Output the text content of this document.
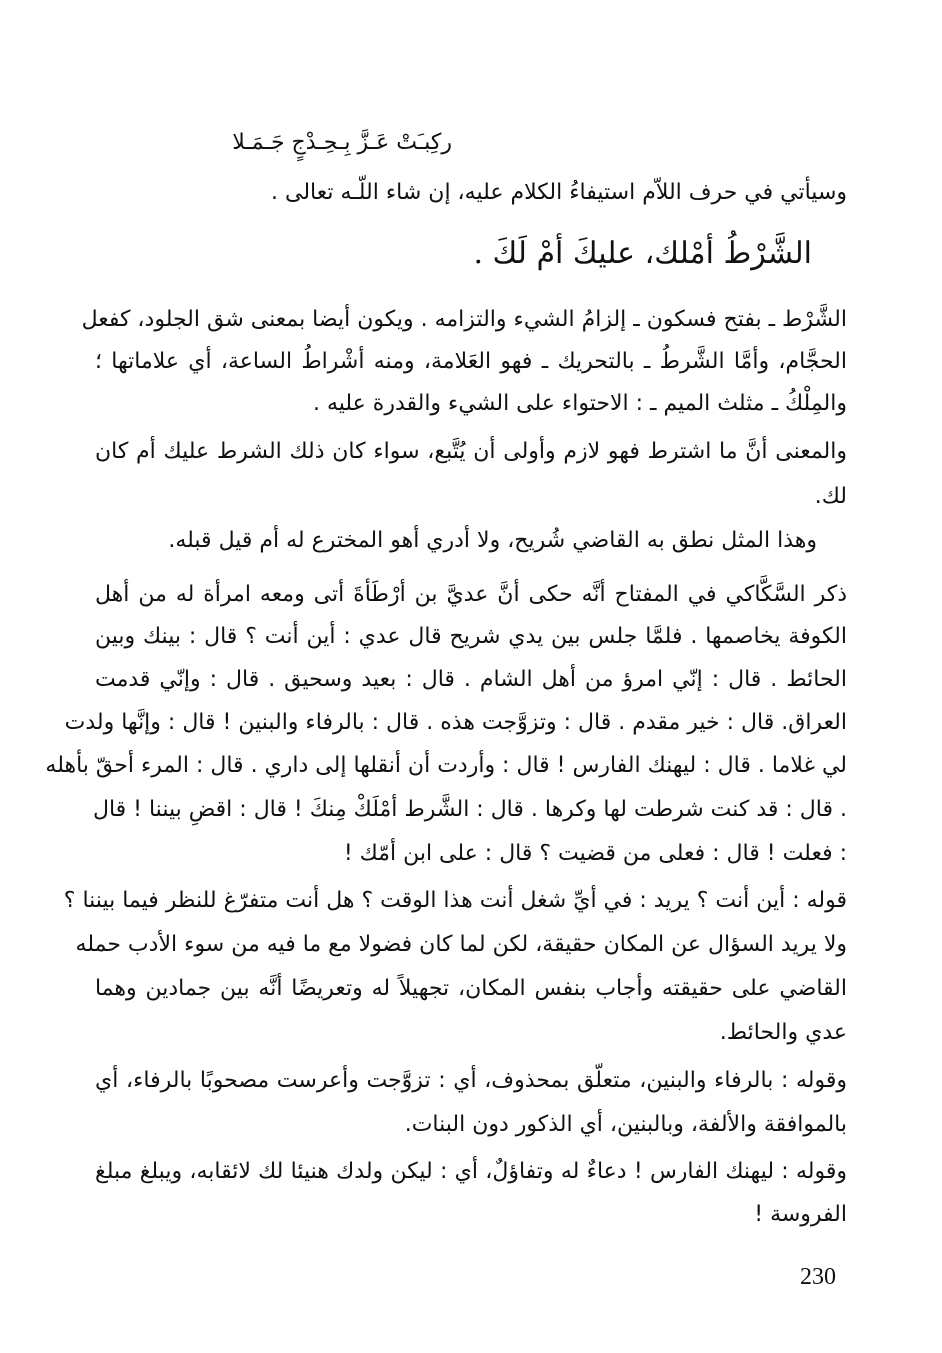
ركِبـَتْ عَـزَّ بِـحِـدْجٍ جَـمَـلا
وسيأتي في حرف اللاّم استيفاءُ الكلام عليه، إن شاء اللّـه تعالى .
الشَّرْطُ أمْلك، عليكَ أمْ لَكَ .
الشَّرْط ـ بفتح فسكون ـ إلزامُ الشيء والتزامه . ويكون أيضا بمعنى شق الجلود، كفعل
الحجَّام، وأمَّا الشَّرطُ ـ بالتحريك ـ فهو العَلامة، ومنه أشْراطُ الساعة، أي علاماتها ؛
والمِلْكُ ـ مثلث الميم ـ : الاحتواء على الشيء والقدرة عليه .
والمعنى أنَّ ما اشترط فهو لازم وأولى أن يُتَّبع، سواء كان ذلك الشرط عليك أم كان
لك.
وهذا المثل نطق به القاضي شُريح، ولا أدري أهو المخترع له أم قيل قبله.
ذكر السَّكَّاكي في المفتاح أنَّه حكى أنَّ عديَّ بن أرْطَأةَ أتى ومعه امرأة له من أهل
الكوفة يخاصمها . فلمَّا جلس بين يدي شريح قال عدي : أين أنت ؟ قال : بينك وبين
الحائط . قال : إنّي امرؤ من أهل الشام . قال : بعيد وسحيق . قال : وإنّي قدمت
العراق. قال : خير مقدم . قال : وتزوَّجت هذه . قال : بالرفاء والبنين ! قال : وإنَّها ولدت
لي غلاما . قال : ليهنك الفارس ! قال : وأردت أن أنقلها إلى داري . قال : المرء أحقّ بأهله
. قال : قد كنت شرطت لها وكرها . قال : الشَّرط أمْلَكْ مِنكَ ! قال : اقضِ بيننا ! قال
: فعلت ! قال : فعلى من قضيت ؟ قال : على ابن أمّك !
قوله : أين أنت ؟ يريد : في أيِّ شغل أنت هذا الوقت ؟ هل أنت متفرّغ للنظر فيما بيننا ؟
ولا يريد السؤال عن المكان حقيقة، لكن لما كان فضولا مع ما فيه من سوء الأدب حمله
القاضي على حقيقته وأجاب بنفس المكان، تجهيلاً له وتعريضًا أنَّه بين جمادين وهما
عدي والحائط.
وقوله : بالرفاء والبنين، متعلّق بمحذوف، أي : تزوَّجت وأعرست مصحوبًا بالرفاء، أي
بالموافقة والألفة، وبالبنين، أي الذكور دون البنات.
وقوله : ليهنك الفارس ! دعاءٌ له وتفاؤلٌ، أي : ليكن ولدك هنيئا لك لائقابه، ويبلغ مبلغ
الفروسة !
230
